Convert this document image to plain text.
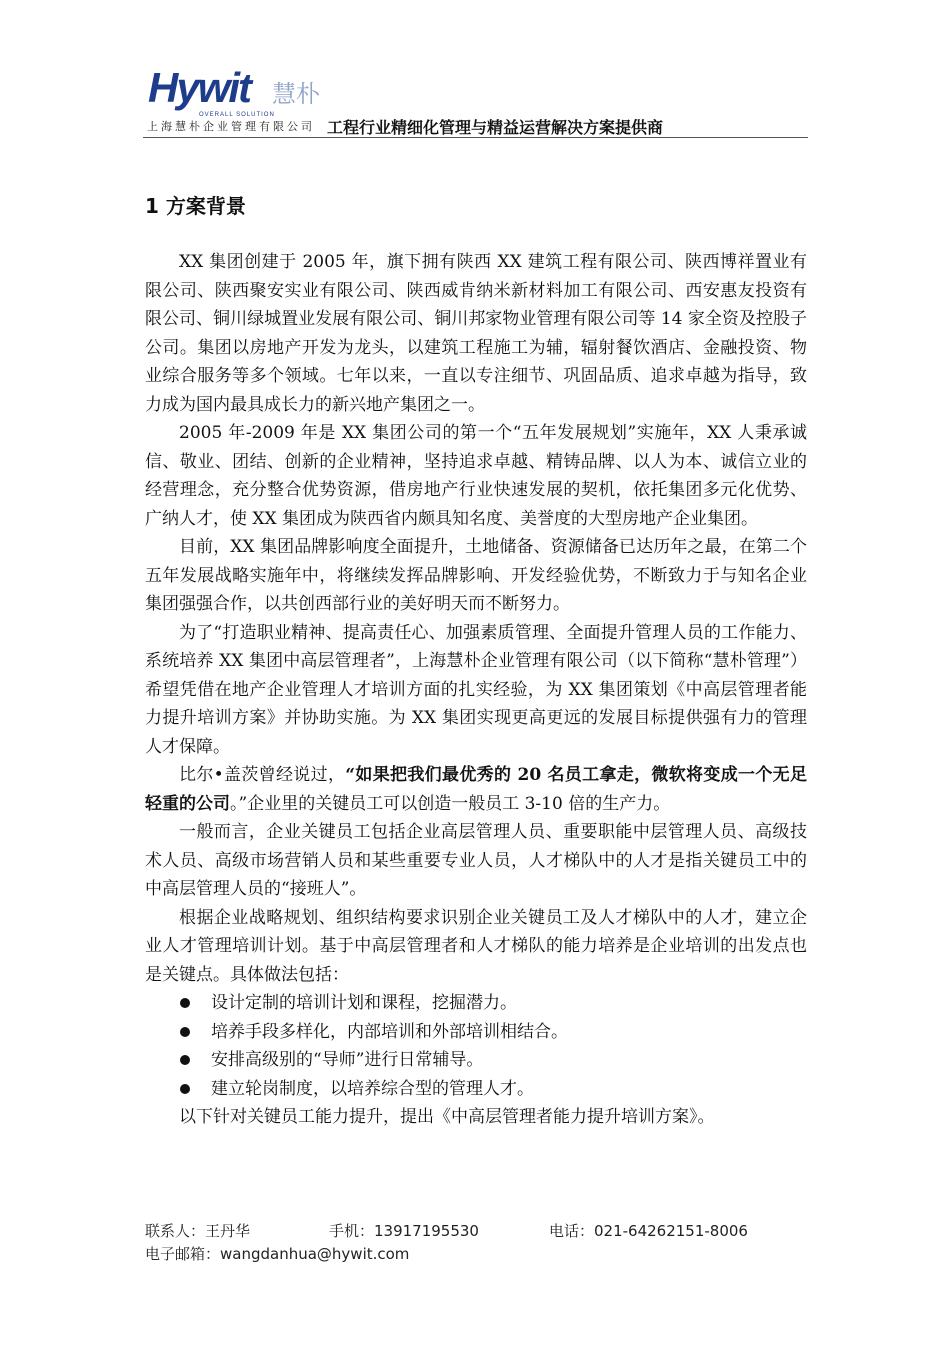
Hywit 慧朴
OVERALL SOLUTION
上海慧朴企业管理有限公司 工程行业精细化管理与精益运营解决方案提供商
1 方案背景

XX 集团创建于 2005 年，旗下拥有陕西 XX 建筑工程有限公司、陕西博祥置业有限公司、陕西聚安实业有限公司、陕西威肯纳米新材料加工有限公司、西安惠友投资有限公司、铜川绿城置业发展有限公司、铜川邦家物业管理有限公司等 14 家全资及控股子公司。集团以房地产开发为龙头，以建筑工程施工为辅，辐射餐饮酒店、金融投资、物业综合服务等多个领域。七年以来，一直以专注细节、巩固品质、追求卓越为指导，致力成为国内最具成长力的新兴地产集团之一。

2005 年-2009 年是 XX 集团公司的第一个“五年发展规划”实施年，XX 人秉承诚信、敬业、团结、创新的企业精神，坚持追求卓越、精铸品牌、以人为本、诚信立业的经营理念，充分整合优势资源，借房地产行业快速发展的契机，依托集团多元化优势、广纳人才，使 XX 集团成为陕西省内颇具知名度、美誉度的大型房地产企业集团。

目前，XX 集团品牌影响度全面提升，土地储备、资源储备已达历年之最，在第二个五年发展战略实施年中，将继续发挥品牌影响、开发经验优势，不断致力于与知名企业集团强强合作，以共创西部行业的美好明天而不断努力。

为了“打造职业精神、提高责任心、加强素质管理、全面提升管理人员的工作能力、系统培养 XX 集团中高层管理者”，上海慧朴企业管理有限公司（以下简称“慧朴管理”）希望凭借在地产企业管理人才培训方面的扎实经验，为 XX 集团策划《中高层管理者能力提升培训方案》并协助实施。为 XX 集团实现更高更远的发展目标提供强有力的管理人才保障。

比尔•盖茨曾经说过，“如果把我们最优秀的 20 名员工拿走，微软将变成一个无足轻重的公司。”企业里的关键员工可以创造一般员工 3-10 倍的生产力。

一般而言，企业关键员工包括企业高层管理人员、重要职能中层管理人员、高级技术人员、高级市场营销人员和某些重要专业人员，人才梯队中的人才是指关键员工中的中高层管理人员的“接班人”。

根据企业战略规划、组织结构要求识别企业关键员工及人才梯队中的人才，建立企业人才管理培训计划。基于中高层管理者和人才梯队的能力培养是企业培训的出发点也是关键点。具体做法包括：

设计定制的培训计划和课程，挖掘潜力。
培养手段多样化，内部培训和外部培训相结合。
安排高级别的“导师”进行日常辅导。
建立轮岗制度，以培养综合型的管理人才。

以下针对关键员工能力提升，提出《中高层管理者能力提升培训方案》。

联系人：王丹华	手机：13917195530	电话：021-64262151-8006
电子邮箱：wangdanhua@hywit.com
